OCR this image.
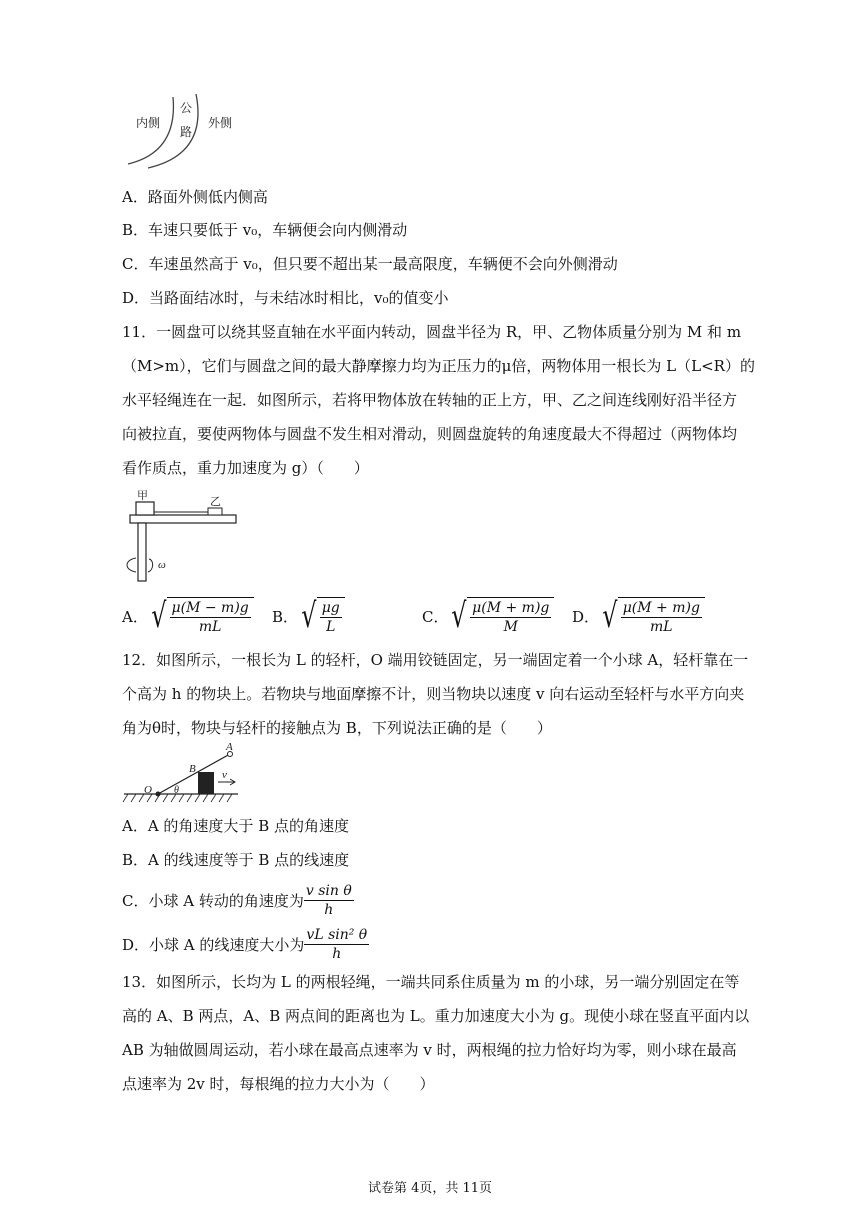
内侧
公
路
外侧
A．路面外侧低内侧高
B．车速只要低于 v₀，车辆便会向内侧滑动
C．车速虽然高于 v₀，但只要不超出某一最高限度，车辆便不会向外侧滑动
D．当路面结冰时，与未结冰时相比，v₀的值变小
11．一圆盘可以绕其竖直轴在水平面内转动，圆盘半径为 R，甲、乙物体质量分别为 M 和 m
（M>m），它们与圆盘之间的最大静摩擦力均为正压力的μ倍，两物体用一根长为 L（L<R）的
水平轻绳连在一起．如图所示，若将甲物体放在转轴的正上方，甲、乙之间连线刚好沿半径方
向被拉直，要使两物体与圆盘不发生相对滑动，则圆盘旋转的角速度最大不得超过（两物体均
看作质点，重力加速度为 g）（　　）
甲	乙
ω
A． √ $\frac{\mu(M - m)g}{mL}$ B． √ $\frac{\mu g}{L}$	C． √ $\frac{\mu(M + m)g}{M}$ D． √ $\frac{\mu(M + m)g}{mL}$
12．如图所示，一根长为 L 的轻杆，O 端用铰链固定，另一端固定着一个小球 A，轻杆靠在一
个高为 h 的物块上。若物块与地面摩擦不计，则当物块以速度 v 向右运动至轻杆与水平方向夹
角为θ时，物块与轻杆的接触点为 B，下列说法正确的是（　　）
A
B
O θ
v
A．A 的角速度大于 B 点的角速度
B．A 的线速度等于 B 点的线速度
C．小球 A 转动的角速度为 $\frac{\text{v sin θ}}{h}$
D．小球 A 的线速度大小为 $\frac{\text{vL sin² θ}}{h}$
13．如图所示，长均为 L 的两根轻绳，一端共同系住质量为 m 的小球，另一端分别固定在等
高的 A、B 两点，A、B 两点间的距离也为 L。重力加速度大小为 g。现使小球在竖直平面内以
AB 为轴做圆周运动，若小球在最高点速率为 v 时，两根绳的拉力恰好均为零，则小球在最高
点速率为 2v 时，每根绳的拉力大小为（　　）
试卷第 4页，共 11页
